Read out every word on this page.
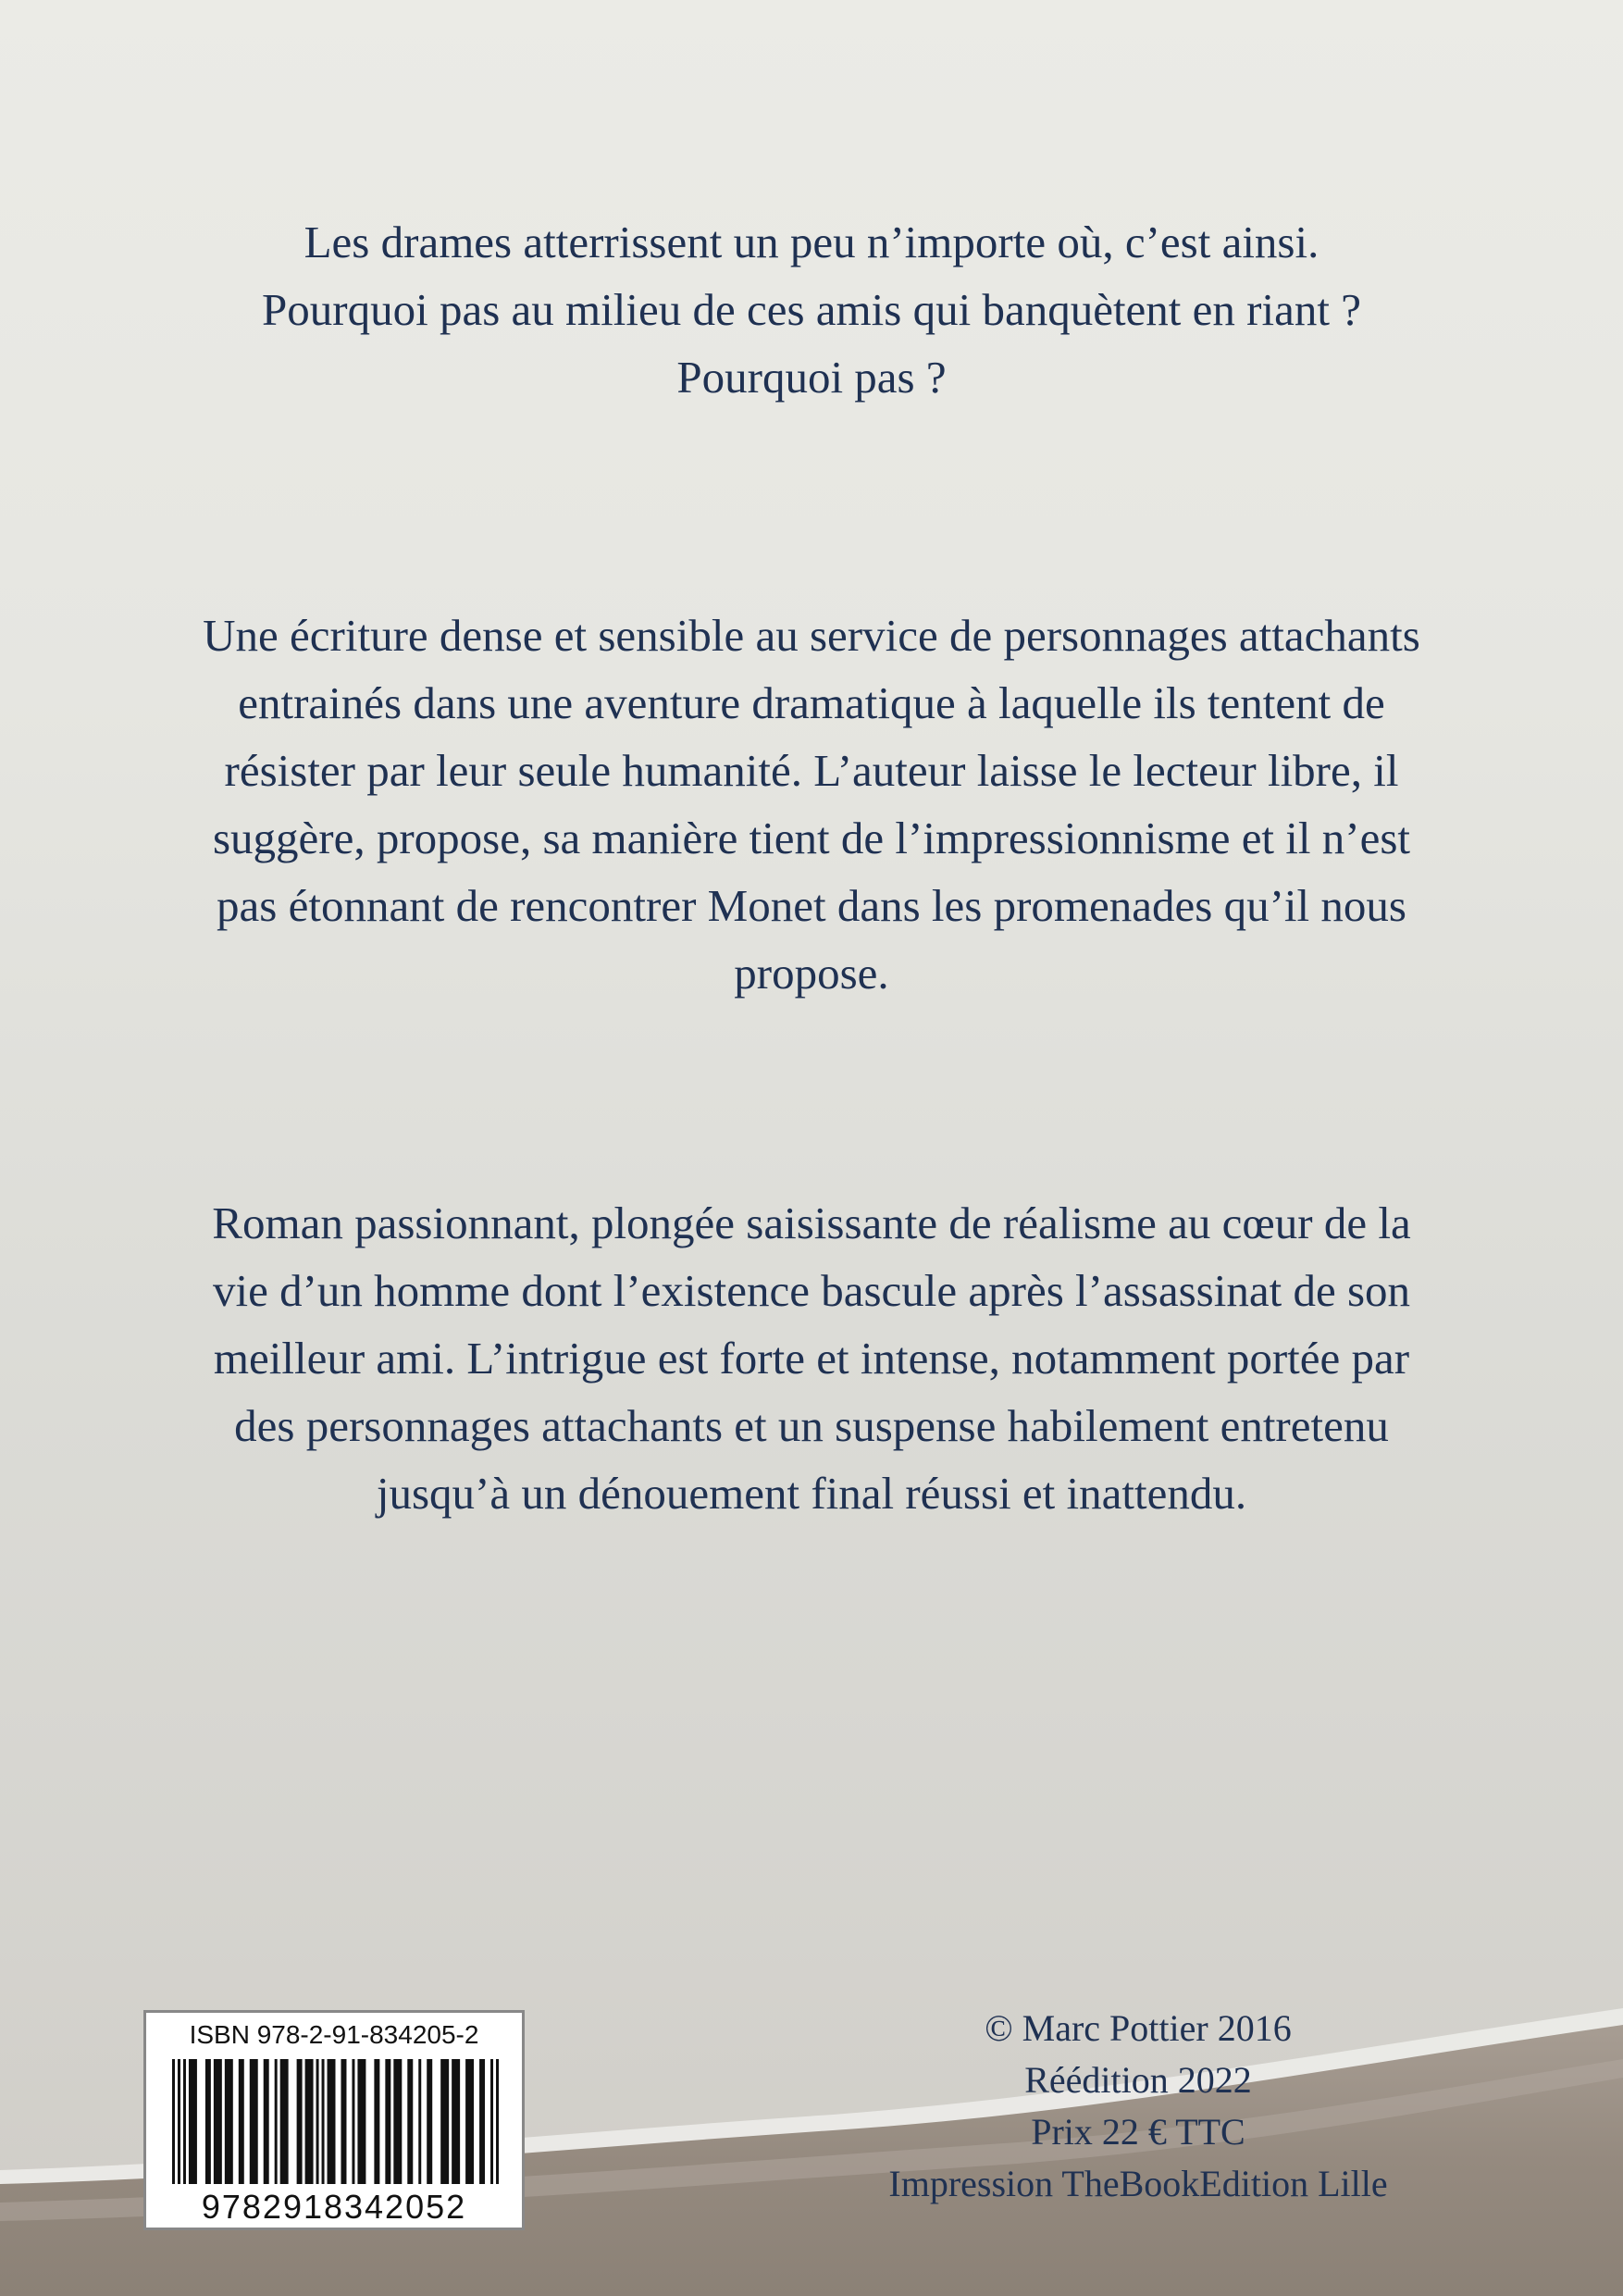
Les drames atterrissent un peu n’importe où, c’est ainsi.

Pourquoi pas au milieu de ces amis qui banquètent en riant ?

Pourquoi pas ?

Une écriture dense et sensible au service de personnages attachants

entrainés dans une aventure dramatique à laquelle ils tentent de

résister par leur seule humanité. L’auteur laisse le lecteur libre, il

suggère, propose, sa manière tient de l’impressionnisme et il n’est

pas étonnant de rencontrer Monet dans les promenades qu’il nous

propose.

Roman passionnant, plongée saisissante de réalisme au cœur de la

vie d’un homme dont l’existence bascule après l’assassinat de son

meilleur ami. L’intrigue est forte et intense, notamment portée par

des personnages attachants et un suspense habilement entretenu

jusqu’à un dénouement final réussi et inattendu.

ISBN 978-2-91-834205-2
9782918342052

© Marc Pottier 2016

Réédition 2022

Prix 22 € TTC

Impression TheBookEdition Lille
